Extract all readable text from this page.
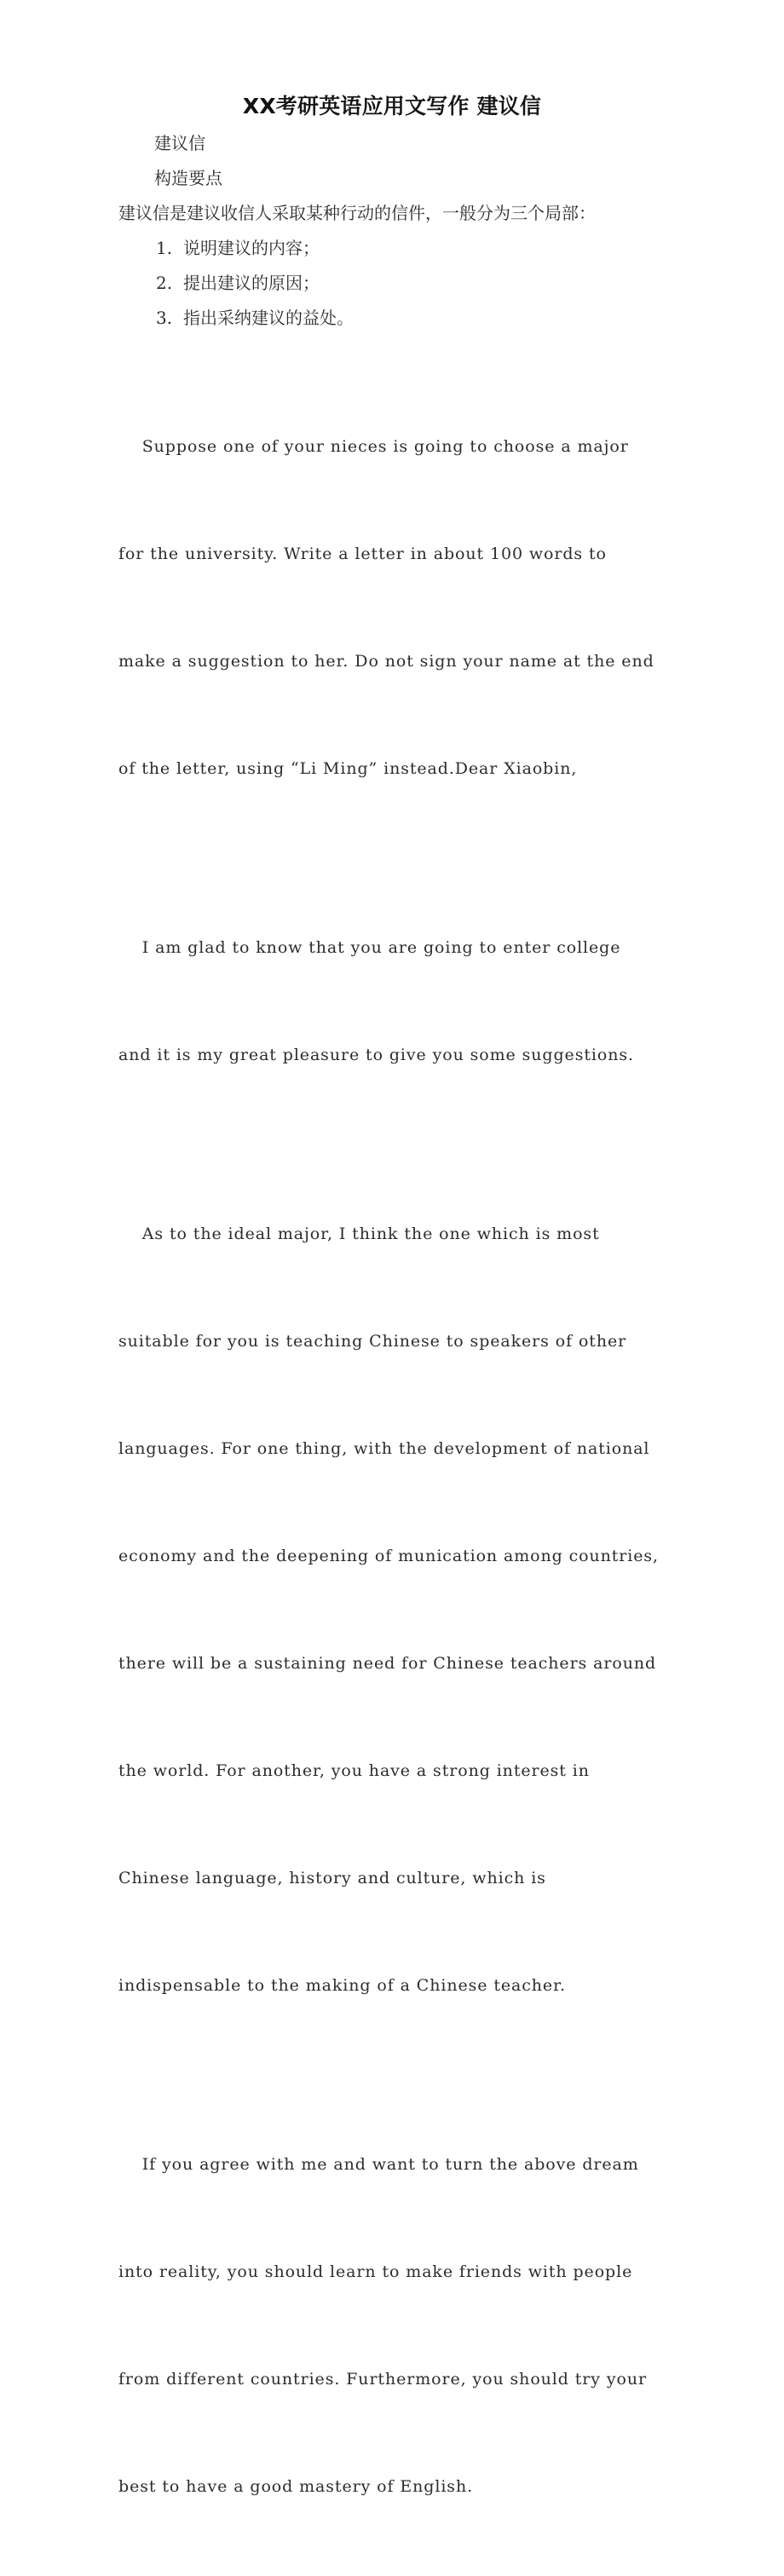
XX考研英语应用文写作 建议信

建议信

构造要点

建议信是建议收信人采取某种行动的信件，一般分为三个局部：

1. 说明建议的内容；
2. 提出建议的原因；
3. 指出采纳建议的益处。

Suppose one of your nieces is going to choose a major

for the university. Write a letter in about 100 words to

make a suggestion to her. Do not sign your name at the end

of the letter, using “Li Ming” instead.Dear Xiaobin,

I am glad to know that you are going to enter college

and it is my great pleasure to give you some suggestions.

As to the ideal major, I think the one which is most

suitable for you is teaching Chinese to speakers of other

languages. For one thing, with the development of national

economy and the deepening of munication among countries,

there will be a sustaining need for Chinese teachers around

the world. For another, you have a strong interest in

Chinese language, history and culture, which is

indispensable to the making of a Chinese teacher.

If you agree with me and want to turn the above dream

into reality, you should learn to make friends with people

from different countries. Furthermore, you should try your

best to have a good mastery of English.
